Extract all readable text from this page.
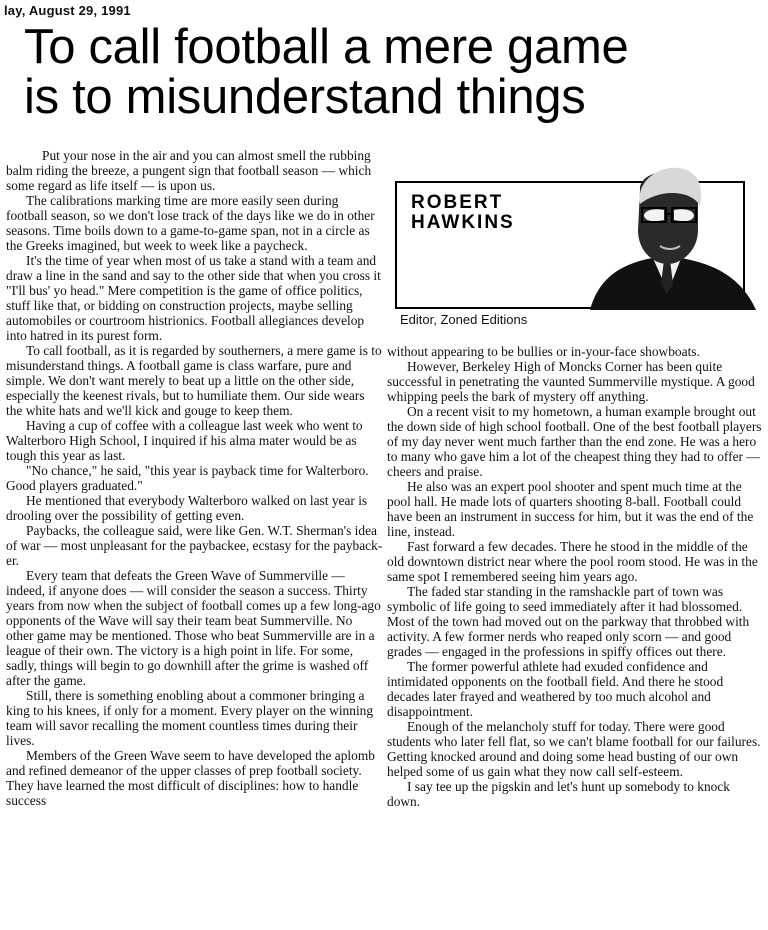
lay, August 29, 1991
To call football a mere game
is to misunderstand things

Put your nose in the air and you can almost smell the rubbing balm riding the breeze, a pungent sign that football season — which some regard as life itself — is upon us.

The calibrations marking time are more easily seen during football season, so we don't lose track of the days like we do in other seasons. Time boils down to a game-to-game span, not in a circle as the Greeks imagined, but week to week like a paycheck.

It's the time of year when most of us take a stand with a team and draw a line in the sand and say to the other side that when you cross it "I'll bus' yo head." Mere competition is the game of office politics, stuff like that, or bidding on construction projects, maybe selling automobiles or courtroom histrionics. Football allegiances develop into hatred in its purest form.

To call football, as it is regarded by southerners, a mere game is to misunderstand things. A football game is class warfare, pure and simple. We don't want merely to beat up a little on the other side, especially the keenest rivals, but to humiliate them. Our side wears the white hats and we'll kick and gouge to keep them.

Having a cup of coffee with a colleague last week who went to Walterboro High School, I inquired if his alma mater would be as tough this year as last.

"No chance," he said, "this year is payback time for Walterboro. Good players graduated."

He mentioned that everybody Walterboro walked on last year is drooling over the possibility of getting even.

Paybacks, the colleague said, were like Gen. W.T. Sherman's idea of war — most unpleasant for the paybackee, ecstasy for the payback-er.

Every team that defeats the Green Wave of Summerville — indeed, if anyone does — will consider the season a success. Thirty years from now when the subject of football comes up a few long-ago opponents of the Wave will say their team beat Summerville. No other game may be mentioned. Those who beat Summerville are in a league of their own. The victory is a high point in life. For some, sadly, things will begin to go downhill after the grime is washed off after the game.

Still, there is something enobling about a commoner bringing a king to his knees, if only for a moment. Every player on the winning team will savor recalling the moment countless times during their lives.

Members of the Green Wave seem to have developed the aplomb and refined demeanor of the upper classes of prep football society. They have learned the most difficult of disciplines: how to handle success

ROBERT
HAWKINS
Editor, Zoned Editions

without appearing to be bullies or in-your-face showboats.

However, Berkeley High of Moncks Corner has been quite successful in penetrating the vaunted Summerville mystique. A good whipping peels the bark of mystery off anything.

On a recent visit to my hometown, a human example brought out the down side of high school football. One of the best football players of my day never went much farther than the end zone. He was a hero to many who gave him a lot of the cheapest thing they had to offer — cheers and praise.

He also was an expert pool shooter and spent much time at the pool hall. He made lots of quarters shooting 8-ball. Football could have been an instrument in success for him, but it was the end of the line, instead.

Fast forward a few decades. There he stood in the middle of the old downtown district near where the pool room stood. He was in the same spot I remembered seeing him years ago.

The faded star standing in the ramshackle part of town was symbolic of life going to seed immediately after it had blossomed. Most of the town had moved out on the parkway that throbbed with activity. A few former nerds who reaped only scorn — and good grades — engaged in the professions in spiffy offices out there.

The former powerful athlete had exuded confidence and intimidated opponents on the football field. And there he stood decades later frayed and weathered by too much alcohol and disappointment.

Enough of the melancholy stuff for today. There were good students who later fell flat, so we can't blame football for our failures. Getting knocked around and doing some head busting of our own helped some of us gain what they now call self-esteem.

I say tee up the pigskin and let's hunt up somebody to knock down.
